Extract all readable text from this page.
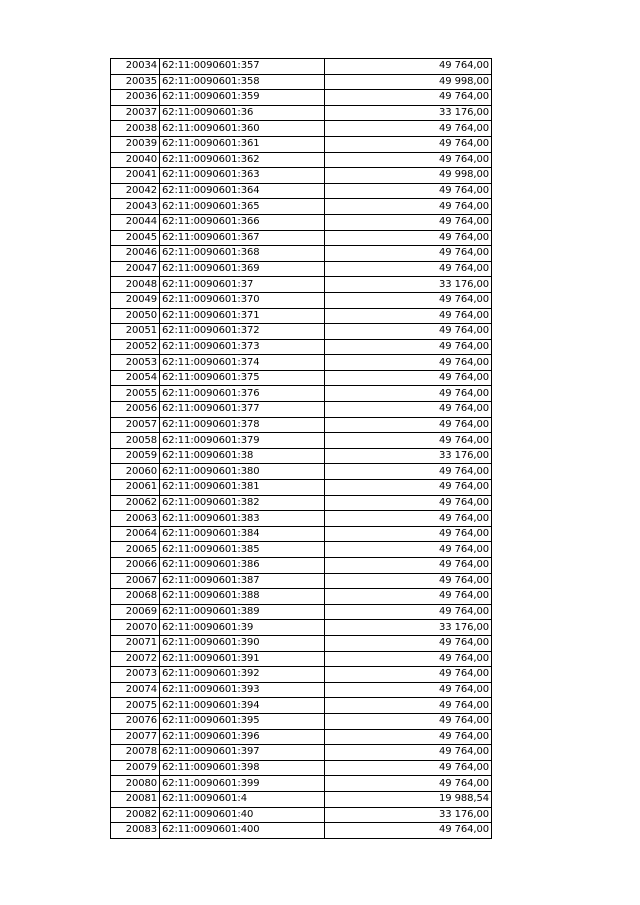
20034	62:11:0090601:357	49 764,00
20035	62:11:0090601:358	49 998,00
20036	62:11:0090601:359	49 764,00
20037	62:11:0090601:36	33 176,00
20038	62:11:0090601:360	49 764,00
20039	62:11:0090601:361	49 764,00
20040	62:11:0090601:362	49 764,00
20041	62:11:0090601:363	49 998,00
20042	62:11:0090601:364	49 764,00
20043	62:11:0090601:365	49 764,00
20044	62:11:0090601:366	49 764,00
20045	62:11:0090601:367	49 764,00
20046	62:11:0090601:368	49 764,00
20047	62:11:0090601:369	49 764,00
20048	62:11:0090601:37	33 176,00
20049	62:11:0090601:370	49 764,00
20050	62:11:0090601:371	49 764,00
20051	62:11:0090601:372	49 764,00
20052	62:11:0090601:373	49 764,00
20053	62:11:0090601:374	49 764,00
20054	62:11:0090601:375	49 764,00
20055	62:11:0090601:376	49 764,00
20056	62:11:0090601:377	49 764,00
20057	62:11:0090601:378	49 764,00
20058	62:11:0090601:379	49 764,00
20059	62:11:0090601:38	33 176,00
20060	62:11:0090601:380	49 764,00
20061	62:11:0090601:381	49 764,00
20062	62:11:0090601:382	49 764,00
20063	62:11:0090601:383	49 764,00
20064	62:11:0090601:384	49 764,00
20065	62:11:0090601:385	49 764,00
20066	62:11:0090601:386	49 764,00
20067	62:11:0090601:387	49 764,00
20068	62:11:0090601:388	49 764,00
20069	62:11:0090601:389	49 764,00
20070	62:11:0090601:39	33 176,00
20071	62:11:0090601:390	49 764,00
20072	62:11:0090601:391	49 764,00
20073	62:11:0090601:392	49 764,00
20074	62:11:0090601:393	49 764,00
20075	62:11:0090601:394	49 764,00
20076	62:11:0090601:395	49 764,00
20077	62:11:0090601:396	49 764,00
20078	62:11:0090601:397	49 764,00
20079	62:11:0090601:398	49 764,00
20080	62:11:0090601:399	49 764,00
20081	62:11:0090601:4	19 988,54
20082	62:11:0090601:40	33 176,00
20083	62:11:0090601:400	49 764,00
